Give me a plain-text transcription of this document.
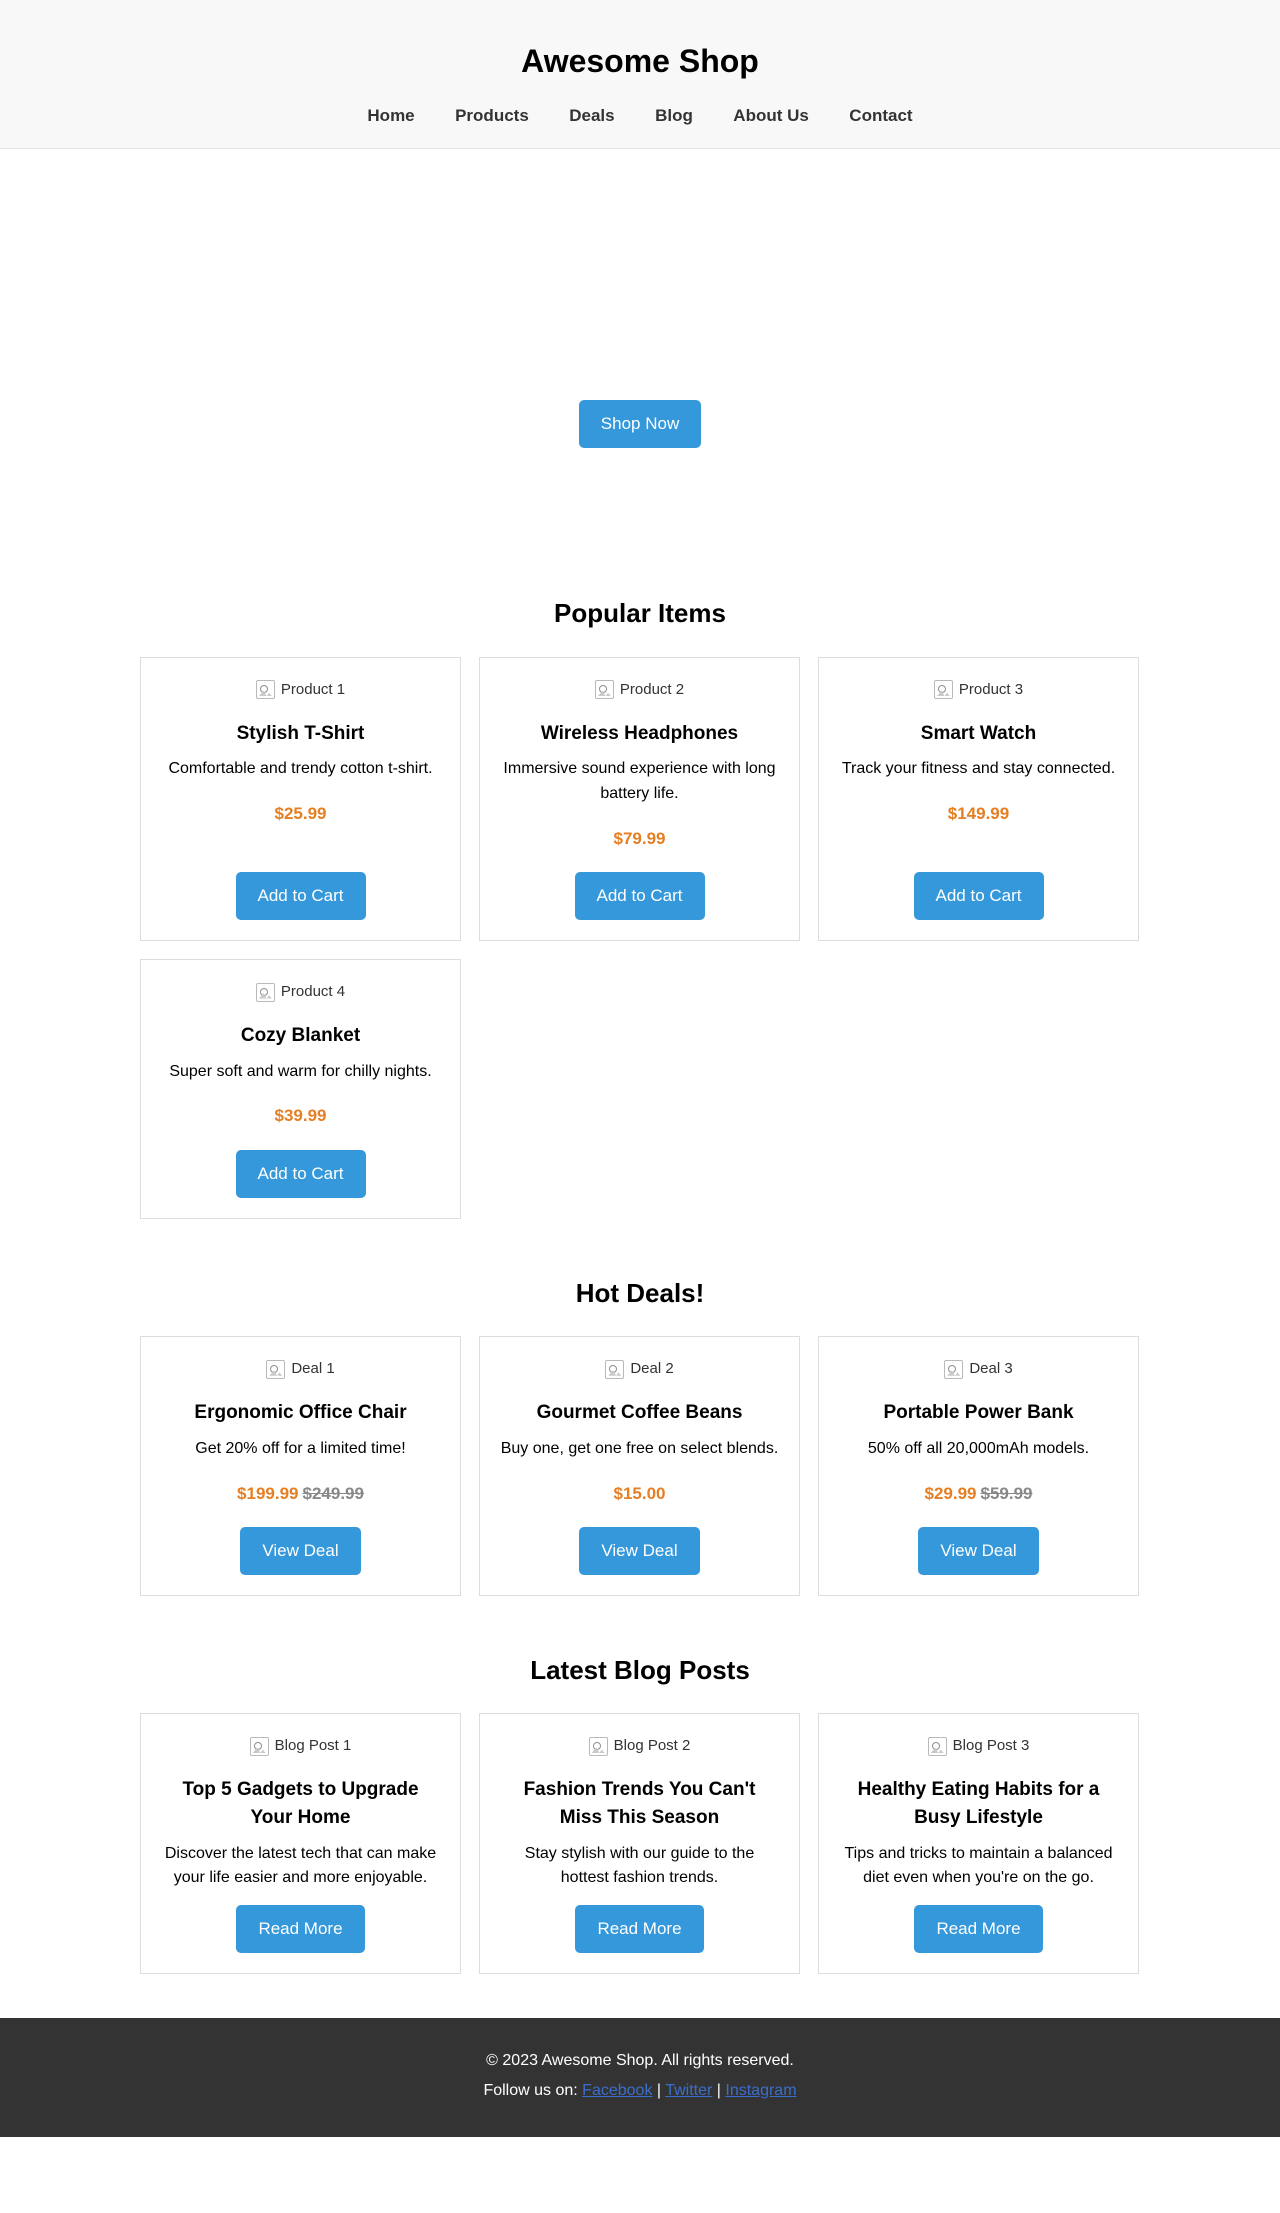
Awesome Shop
Home Products Deals Blog About Us Contact
Welcome to Awesome Shop

Find the best products at unbeatable prices.

Shop Now
Popular Items
Product 1
Stylish T-Shirt

Comfortable and trendy cotton t-shirt.

$25.99
Add to Cart
Product 2
Wireless Headphones

Immersive sound experience with long battery life.

$79.99
Add to Cart
Product 3
Smart Watch

Track your fitness and stay connected.

$149.99
Add to Cart
Product 4
Cozy Blanket

Super soft and warm for chilly nights.

$39.99
Add to Cart
Hot Deals!
Deal 1
Ergonomic Office Chair

Get 20% off for a limited time!

$199.99 $249.99
View Deal
Deal 2
Gourmet Coffee Beans

Buy one, get one free on select blends.

$15.00
View Deal
Deal 3
Portable Power Bank

50% off all 20,000mAh models.

$29.99 $59.99
View Deal
Latest Blog Posts
Blog Post 1
Top 5 Gadgets to Upgrade Your Home

Discover the latest tech that can make your life easier and more enjoyable.

Read More
Blog Post 2
Fashion Trends You Can't Miss This Season

Stay stylish with our guide to the hottest fashion trends.

Read More
Blog Post 3
Healthy Eating Habits for a Busy Lifestyle

Tips and tricks to maintain a balanced diet even when you're on the go.

Read More

© 2023 Awesome Shop. All rights reserved.

Follow us on: Facebook | Twitter | Instagram
